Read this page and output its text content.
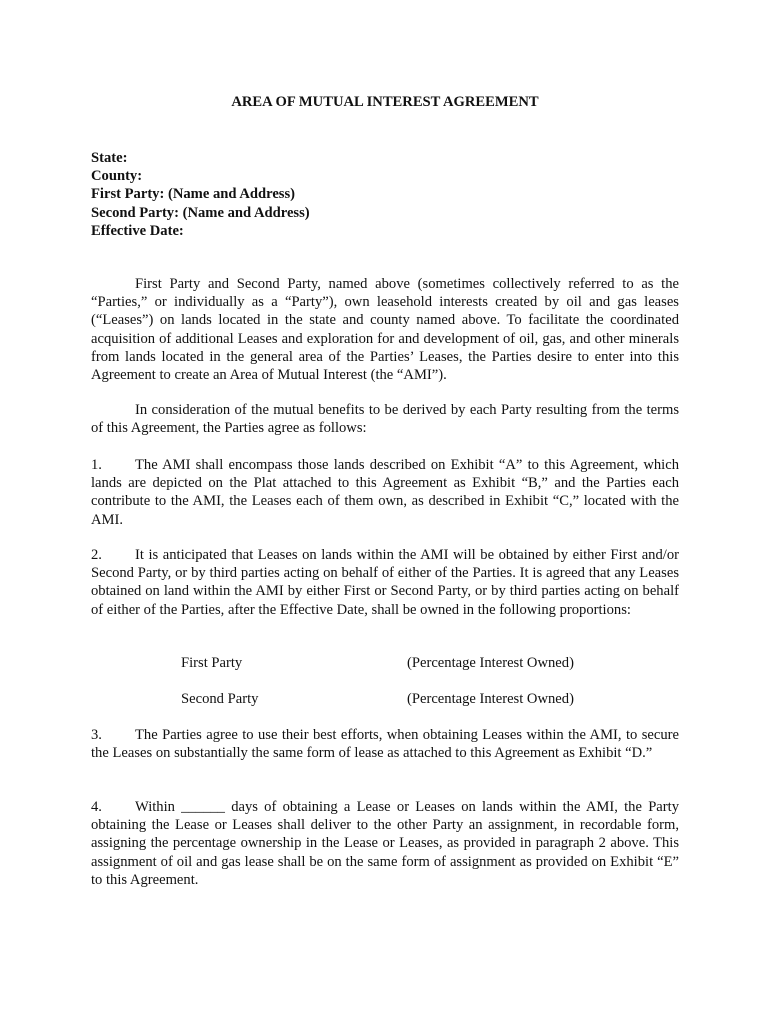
AREA OF MUTUAL INTEREST AGREEMENT
State:
County:
First Party: (Name and Address)
Second Party: (Name and Address)
Effective Date:

First Party and Second Party, named above (sometimes collectively referred to as the “Parties,” or individually as a “Party”), own leasehold interests created by oil and gas leases (“Leases”) on lands located in the state and county named above. To facilitate the coordinated acquisition of additional Leases and exploration for and development of oil, gas, and other minerals from lands located in the general area of the Parties’ Leases, the Parties desire to enter into this Agreement to create an Area of Mutual Interest (the “AMI”).

In consideration of the mutual benefits to be derived by each Party resulting from the terms of this Agreement, the Parties agree as follows:

1. The AMI shall encompass those lands described on Exhibit “A” to this Agreement, which lands are depicted on the Plat attached to this Agreement as Exhibit “B,” and the Parties each contribute to the AMI, the Leases each of them own, as described in Exhibit “C,” located with the AMI.

2. It is anticipated that Leases on lands within the AMI will be obtained by either First and/or Second Party, or by third parties acting on behalf of either of the Parties. It is agreed that any Leases obtained on land within the AMI by either First or Second Party, or by third parties acting on behalf of either of the Parties, after the Effective Date, shall be owned in the following proportions:

First Party	(Percentage Interest Owned)
Second Party	(Percentage Interest Owned)

3. The Parties agree to use their best efforts, when obtaining Leases within the AMI, to secure the Leases on substantially the same form of lease as attached to this Agreement as Exhibit “D.”

4. Within ______ days of obtaining a Lease or Leases on lands within the AMI, the Party obtaining the Lease or Leases shall deliver to the other Party an assignment, in recordable form, assigning the percentage ownership in the Lease or Leases, as provided in paragraph 2 above. This assignment of oil and gas lease shall be on the same form of assignment as provided on Exhibit “E” to this Agreement.
